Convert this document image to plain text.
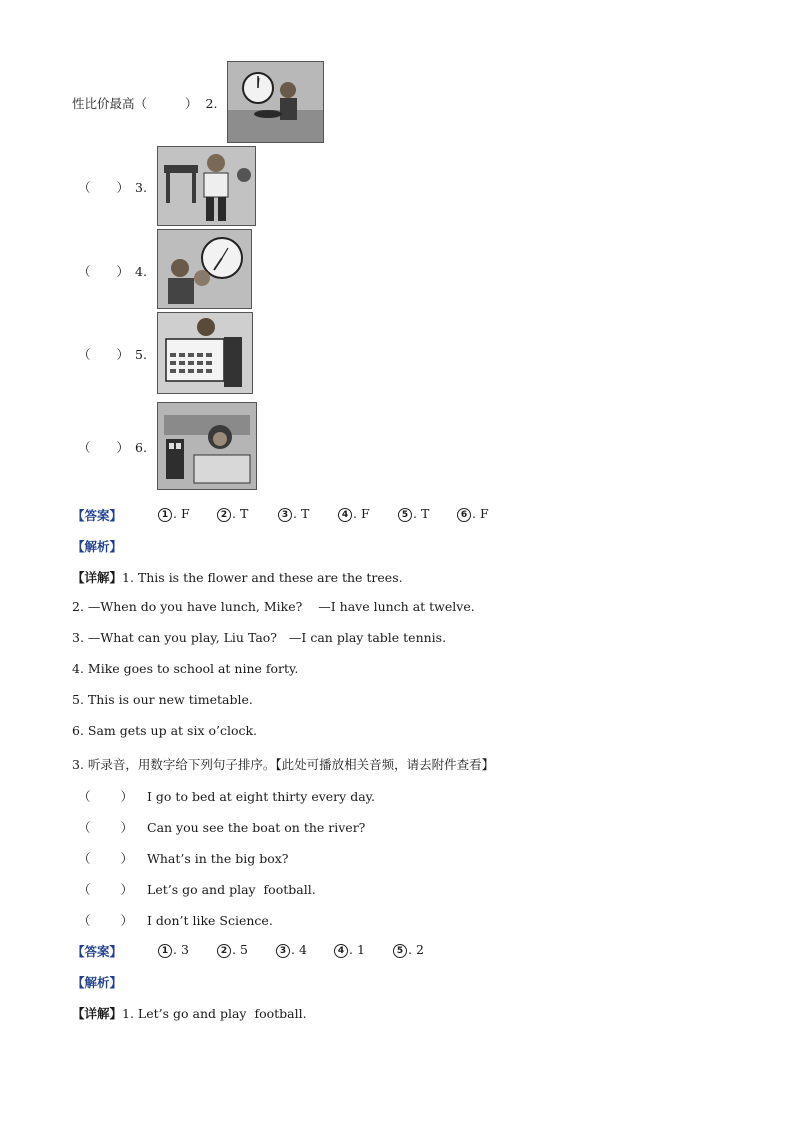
性比价最高（	） 2.
（ ） 3.
（ ） 4.
（ ） 5.
（ ） 6.
【答案】	1 . F	2 . T	3 . T	4 . F	5 . T	6 . F
【解析】
【详解】1. This is the flower and these are the trees.
2. —When do you have lunch, Mike?    —I have lunch at twelve.
3. —What can you play, Liu Tao?   —I can play table tennis.
4. Mike goes to school at nine forty.
5. This is our new timetable.
6. Sam gets up at six o’clock.
3. 听录音，用数字给下列句子排序。【此处可播放相关音频，请去附件查看】
（ ） I go to bed at eight thirty every day.
（ ） Can you see the boat on the river?
（ ） What’s in the big box?
（ ） Let’s go and play  football.
（ ） I don’t like Science.
【答案】	1 . 3	2 . 5	3 . 4	4 . 1	5 . 2
【解析】
【详解】1. Let’s go and play  football.
